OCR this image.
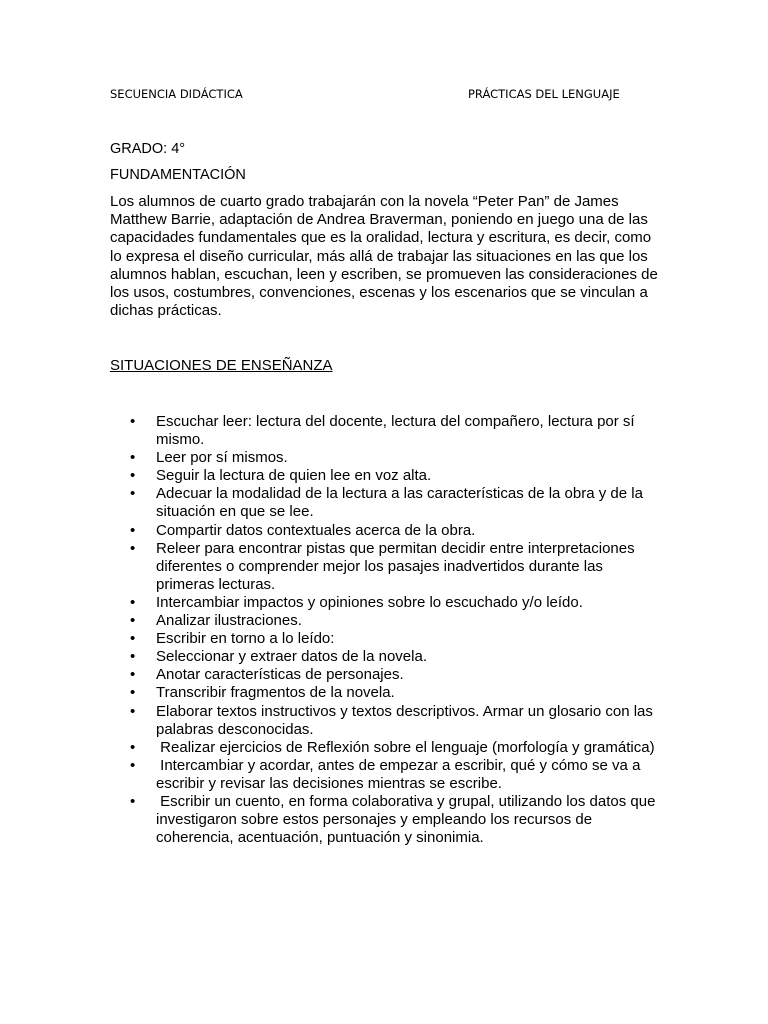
SECUENCIA DIDÁCTICA	PRÁCTICAS DEL LENGUAJE
GRADO: 4°
FUNDAMENTACIÓN
Los alumnos de cuarto grado trabajarán con la novela “Peter Pan” de James Matthew Barrie, adaptación de Andrea Braverman, poniendo en juego una de las capacidades fundamentales que es la oralidad, lectura y escritura, es decir, como lo expresa el diseño curricular, más allá de trabajar las situaciones en las que los alumnos hablan, escuchan, leen y escriben, se promueven las consideraciones de los usos, costumbres, convenciones, escenas y los escenarios que se vinculan a dichas prácticas.
SITUACIONES DE ENSEÑANZA
• Escuchar leer: lectura del docente, lectura del compañero, lectura por sí mismo.
• Leer por sí mismos.
• Seguir la lectura de quien lee en voz alta.
• Adecuar la modalidad de la lectura a las características de la obra y de la situación en que se lee.
• Compartir datos contextuales acerca de la obra.
• Releer para encontrar pistas que permitan decidir entre interpretaciones diferentes o comprender mejor los pasajes inadvertidos durante las primeras lecturas.
• Intercambiar impactos y opiniones sobre lo escuchado y/o leído.
• Analizar ilustraciones.
• Escribir en torno a lo leído:
• Seleccionar y extraer datos de la novela.
• Anotar características de personajes.
• Transcribir fragmentos de la novela.
• Elaborar textos instructivos y textos descriptivos. Armar un glosario con las palabras desconocidas.
• Realizar ejercicios de Reflexión sobre el lenguaje (morfología y gramática)
• Intercambiar y acordar, antes de empezar a escribir, qué y cómo se va a escribir y revisar las decisiones mientras se escribe.
• Escribir un cuento, en forma colaborativa y grupal, utilizando los datos que investigaron sobre estos personajes y empleando los recursos de coherencia, acentuación, puntuación y sinonimia.
